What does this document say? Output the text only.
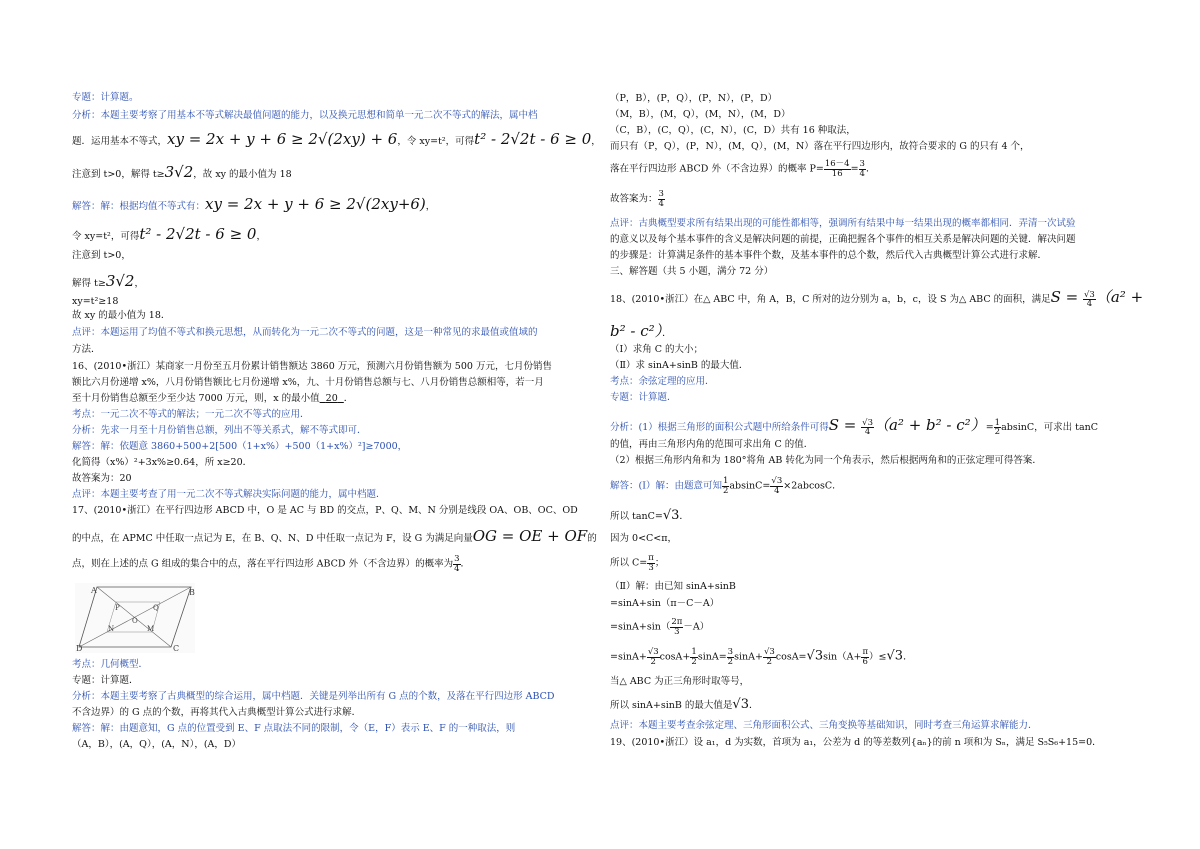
专题：计算题。
分析：本题主要考察了用基本不等式解决最值问题的能力，以及换元思想和简单一元二次不等式的解法，属中档
题．运用基本不等式，xy = 2x + y + 6 ≥ 2√(2xy) + 6，令 xy=t²，可得t² - 2√2t - 6 ≥ 0，
注意到 t>0，解得 t≥3√2，故 xy 的最小值为 18
解答：解：根据均值不等式有：xy = 2x + y + 6 ≥ 2√(2xy+6)，
令 xy=t²，可得t² - 2√2t - 6 ≥ 0，
注意到 t>0，
解得 t≥3√2，
xy=t²≥18
故 xy 的最小值为 18．
点评：本题运用了均值不等式和换元思想，从而转化为一元二次不等式的问题，这是一种常见的求最值或值域的
方法．
16、(2010•浙江）某商家一月份至五月份累计销售额达 3860 万元，预测六月份销售额为 500 万元，七月份销售
额比六月份递增 x%，八月份销售额比七月份递增 x%，九、十月份销售总额与七、八月份销售总额相等，若一月
至十月份销售总额至少至少达 7000 万元，则，x 的最小值 20 ．
考点：一元二次不等式的解法；一元二次不等式的应用．
分析：先求一月至十月份销售总额，列出不等关系式，解不等式即可．
解答：解：依题意 3860+500+2[500（1+x%）+500（1+x%）²]≥7000，
化简得（x%）²+3x%≥0.64，所 x≥20．
故答案为：20
点评：本题主要考查了用一元二次不等式解决实际问题的能力，属中档题．
17、(2010•浙江）在平行四边形 ABCD 中，O 是 AC 与 BD 的交点，P、Q、M、N 分别是线段 OA、OB、OC、OD
的中点，在 APMC 中任取一点记为 E，在 B、Q、N、D 中任取一点记为 F，设 G 为满足向量OG = OE + OF的
点，则在上述的点 G 组成的集合中的点，落在平行四边形 ABCD 外（不含边界）的概率为 $\frac{3}{4}$ ．
A	B
C
D
P	Q
M
N
O
考点：几何概型．
专题：计算题．
分析：本题主要考察了古典概型的综合运用，属中档题．关键是列举出所有 G 点的个数，及落在平行四边形 ABCD
不含边界）的 G 点的个数，再将其代入古典概型计算公式进行求解．
解答：解：由题意知，G 点的位置受到 E、F 点取法不同的限制，令（E，F）表示 E、F 的一种取法，则
（A，B），(A，Q），(A，N），(A，D）
（P，B），(P，Q），(P，N），(P，D）
（M，B），(M，Q），(M，N），(M，D）
（C，B），(C，Q），(C，N），(C，D）共有 16 种取法，
而只有（P，Q），(P，N），(M，Q），(M，N）落在平行四边形内，故符合要求的 G 的只有 4 个，
落在平行四边形 ABCD 外（不含边界）的概率 $P= \frac{16-4}{16} = \frac{3}{4}$ ．
故答案为： $\frac{3}{4}$
点评：古典概型要求所有结果出现的可能性都相等，强调所有结果中每一结果出现的概率都相同．弄清一次试验
的意义以及每个基本事件的含义是解决问题的前提，正确把握各个事件的相互关系是解决问题的关键．解决问题
的步骤是：计算满足条件的基本事件个数，及基本事件的总个数，然后代入古典概型计算公式进行求解．
三、解答题（共 5 小题，满分 72 分）
18、(2010•浙江）在△ ABC 中，角 A，B，C 所对的边分别为 a，b，c，设 S 为△ ABC 的面积，满足$S = \frac{√3}{4} (a^2$ +
b² - c²）．
（Ⅰ）求角 C 的大小；
（Ⅱ）求 sinA+sinB 的最大值．
考点：余弦定理的应用．
专题：计算题．
分析：(1）根据三角形的面积公式题中所给条件可得$S = \frac{√3}{4} (a^2 + b^2 - c^2)= \frac{1}{2}$ absinC，可求出 tanC
的值，再由三角形内角的范围可求出角 C 的值．
（2）根据三角形内角和为 180°将角 AB 转化为同一个角表示，然后根据两角和的正弦定理可得答案．
解答：(Ⅰ）解：由题意可知 $\frac{1}{2} absinC= \frac{√3}{4} \times 2abcosC$．
所以 tanC=√3．
因为 0<C<π，
所以 $C= \frac{\pi}{3}$ ；
（Ⅱ）解：由已知 sinA+sinB
=sinA+sin（π－C－A）
$=\sin A+\sin( \frac{2\pi}{3} -A)$
$=\sin A+ \frac{√3}{2} \cos A+ \frac{1}{2} \sin A= \frac{3}{2} \sin A+ \frac{√3}{2} \cos A=√3\sin(A+ \frac{\pi}{6} )\le√3$．
当△ ABC 为正三角形时取等号，
所以 sinA+sinB 的最大值是√3．
点评：本题主要考查余弦定理、三角形面积公式、三角变换等基础知识，同时考查三角运算求解能力．
19、(2010•浙江）设 a₁，d 为实数，首项为 a₁，公差为 d 的等差数列{aₙ}的前 n 项和为 Sₙ，满足 S₅S₆+15=0．
